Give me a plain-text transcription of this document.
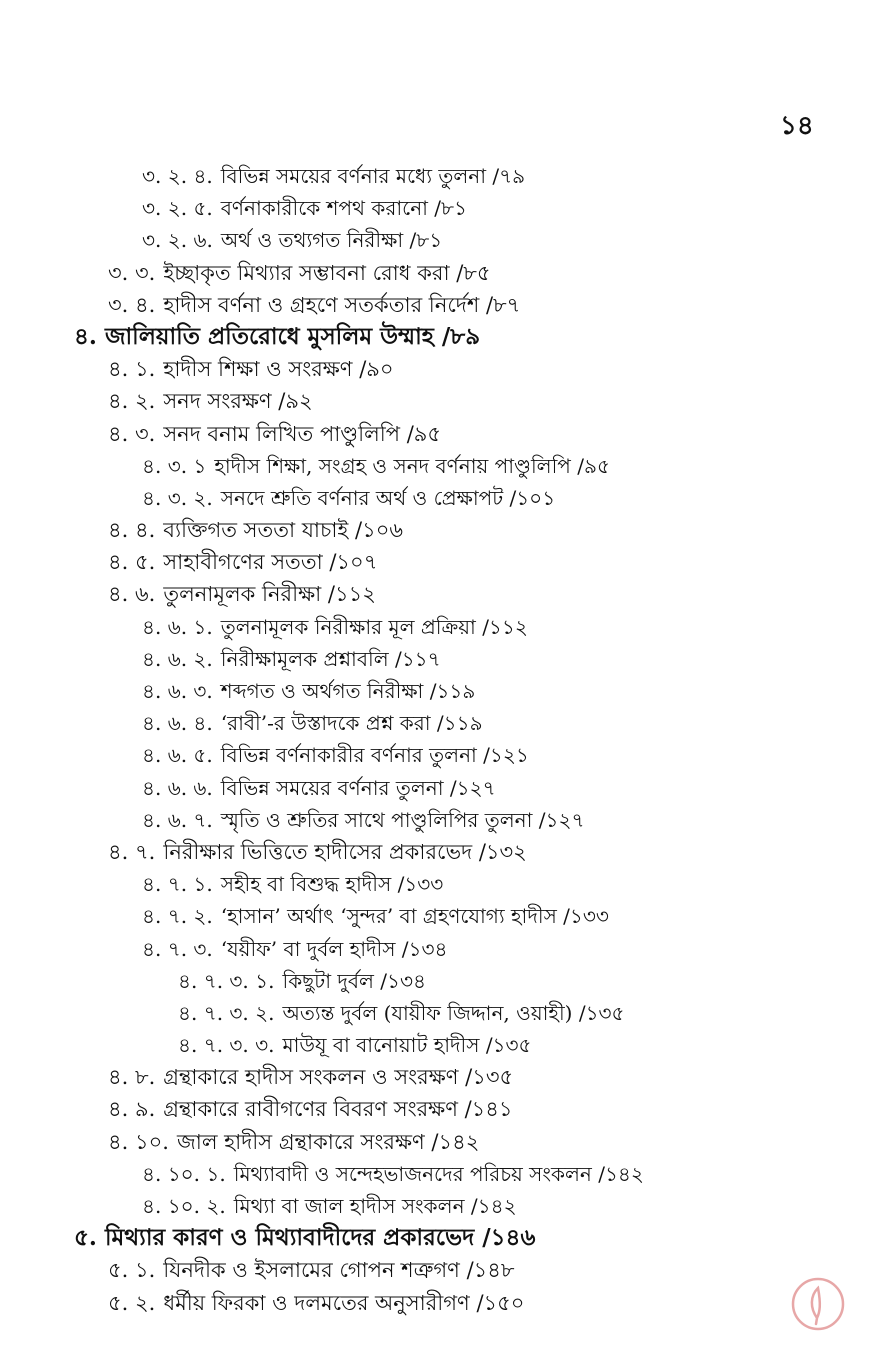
১৪
৩. ২. ৪. বিভিন্ন সময়ের বর্ণনার মধ্যে তুলনা /৭৯
৩. ২. ৫. বর্ণনাকারীকে শপথ করানো /৮১
৩. ২. ৬. অর্থ ও তথ্যগত নিরীক্ষা /৮১
৩. ৩. ইচ্ছাকৃত মিথ্যার সম্ভাবনা রোধ করা /৮৫
৩. ৪. হাদীস বর্ণনা ও গ্রহণে সতর্কতার নির্দেশ /৮৭
৪. জালিয়াতি প্রতিরোধে মুসলিম উম্মাহ /৮৯
৪. ১. হাদীস শিক্ষা ও সংরক্ষণ /৯০
৪. ২. সনদ সংরক্ষণ /৯২
৪. ৩. সনদ বনাম লিখিত পাণ্ডুলিপি /৯৫
৪. ৩. ১ হাদীস শিক্ষা, সংগ্রহ ও সনদ বর্ণনায় পাণ্ডুলিপি /৯৫
৪. ৩. ২. সনদে শ্রুতি বর্ণনার অর্থ ও প্রেক্ষাপট /১০১
৪. ৪. ব্যক্তিগত সততা যাচাই /১০৬
৪. ৫. সাহাবীগণের সততা /১০৭
৪. ৬. তুলনামূলক নিরীক্ষা /১১২
৪. ৬. ১. তুলনামূলক নিরীক্ষার মূল প্রক্রিয়া /১১২
৪. ৬. ২. নিরীক্ষামূলক প্রশ্নাবলি /১১৭
৪. ৬. ৩. শব্দগত ও অর্থগত নিরীক্ষা /১১৯
৪. ৬. ৪. ‘রাবী’-র উস্তাদকে প্রশ্ন করা /১১৯
৪. ৬. ৫. বিভিন্ন বর্ণনাকারীর বর্ণনার তুলনা /১২১
৪. ৬. ৬. বিভিন্ন সময়ের বর্ণনার তুলনা /১২৭
৪. ৬. ৭. স্মৃতি ও শ্রুতির সাথে পাণ্ডুলিপির তুলনা /১২৭
৪. ৭. নিরীক্ষার ভিত্তিতে হাদীসের প্রকারভেদ /১৩২
৪. ৭. ১. সহীহ বা বিশুদ্ধ হাদীস /১৩৩
৪. ৭. ২. ‘হাসান’ অর্থাৎ ‘সুন্দর’ বা গ্রহণযোগ্য হাদীস /১৩৩
৪. ৭. ৩. ‘যয়ীফ’ বা দুর্বল হাদীস /১৩৪
৪. ৭. ৩. ১. কিছুটা দুর্বল /১৩৪
৪. ৭. ৩. ২. অত্যন্ত দুর্বল (যায়ীফ জিদ্দান, ওয়াহী) /১৩৫
৪. ৭. ৩. ৩. মাউযূ বা বানোয়াট হাদীস /১৩৫
৪. ৮. গ্রন্থাকারে হাদীস সংকলন ও সংরক্ষণ /১৩৫
৪. ৯. গ্রন্থাকারে রাবীগণের বিবরণ সংরক্ষণ /১৪১
৪. ১০. জাল হাদীস গ্রন্থাকারে সংরক্ষণ /১৪২
৪. ১০. ১. মিথ্যাবাদী ও সন্দেহভাজনদের পরিচয় সংকলন /১৪২
৪. ১০. ২. মিথ্যা বা জাল হাদীস সংকলন /১৪২
৫. মিথ্যার কারণ ও মিথ্যাবাদীদের প্রকারভেদ /১৪৬
৫. ১. যিনদীক ও ইসলামের গোপন শত্রুগণ /১৪৮
৫. ২. ধর্মীয় ফিরকা ও দলমতের অনুসারীগণ /১৫০
